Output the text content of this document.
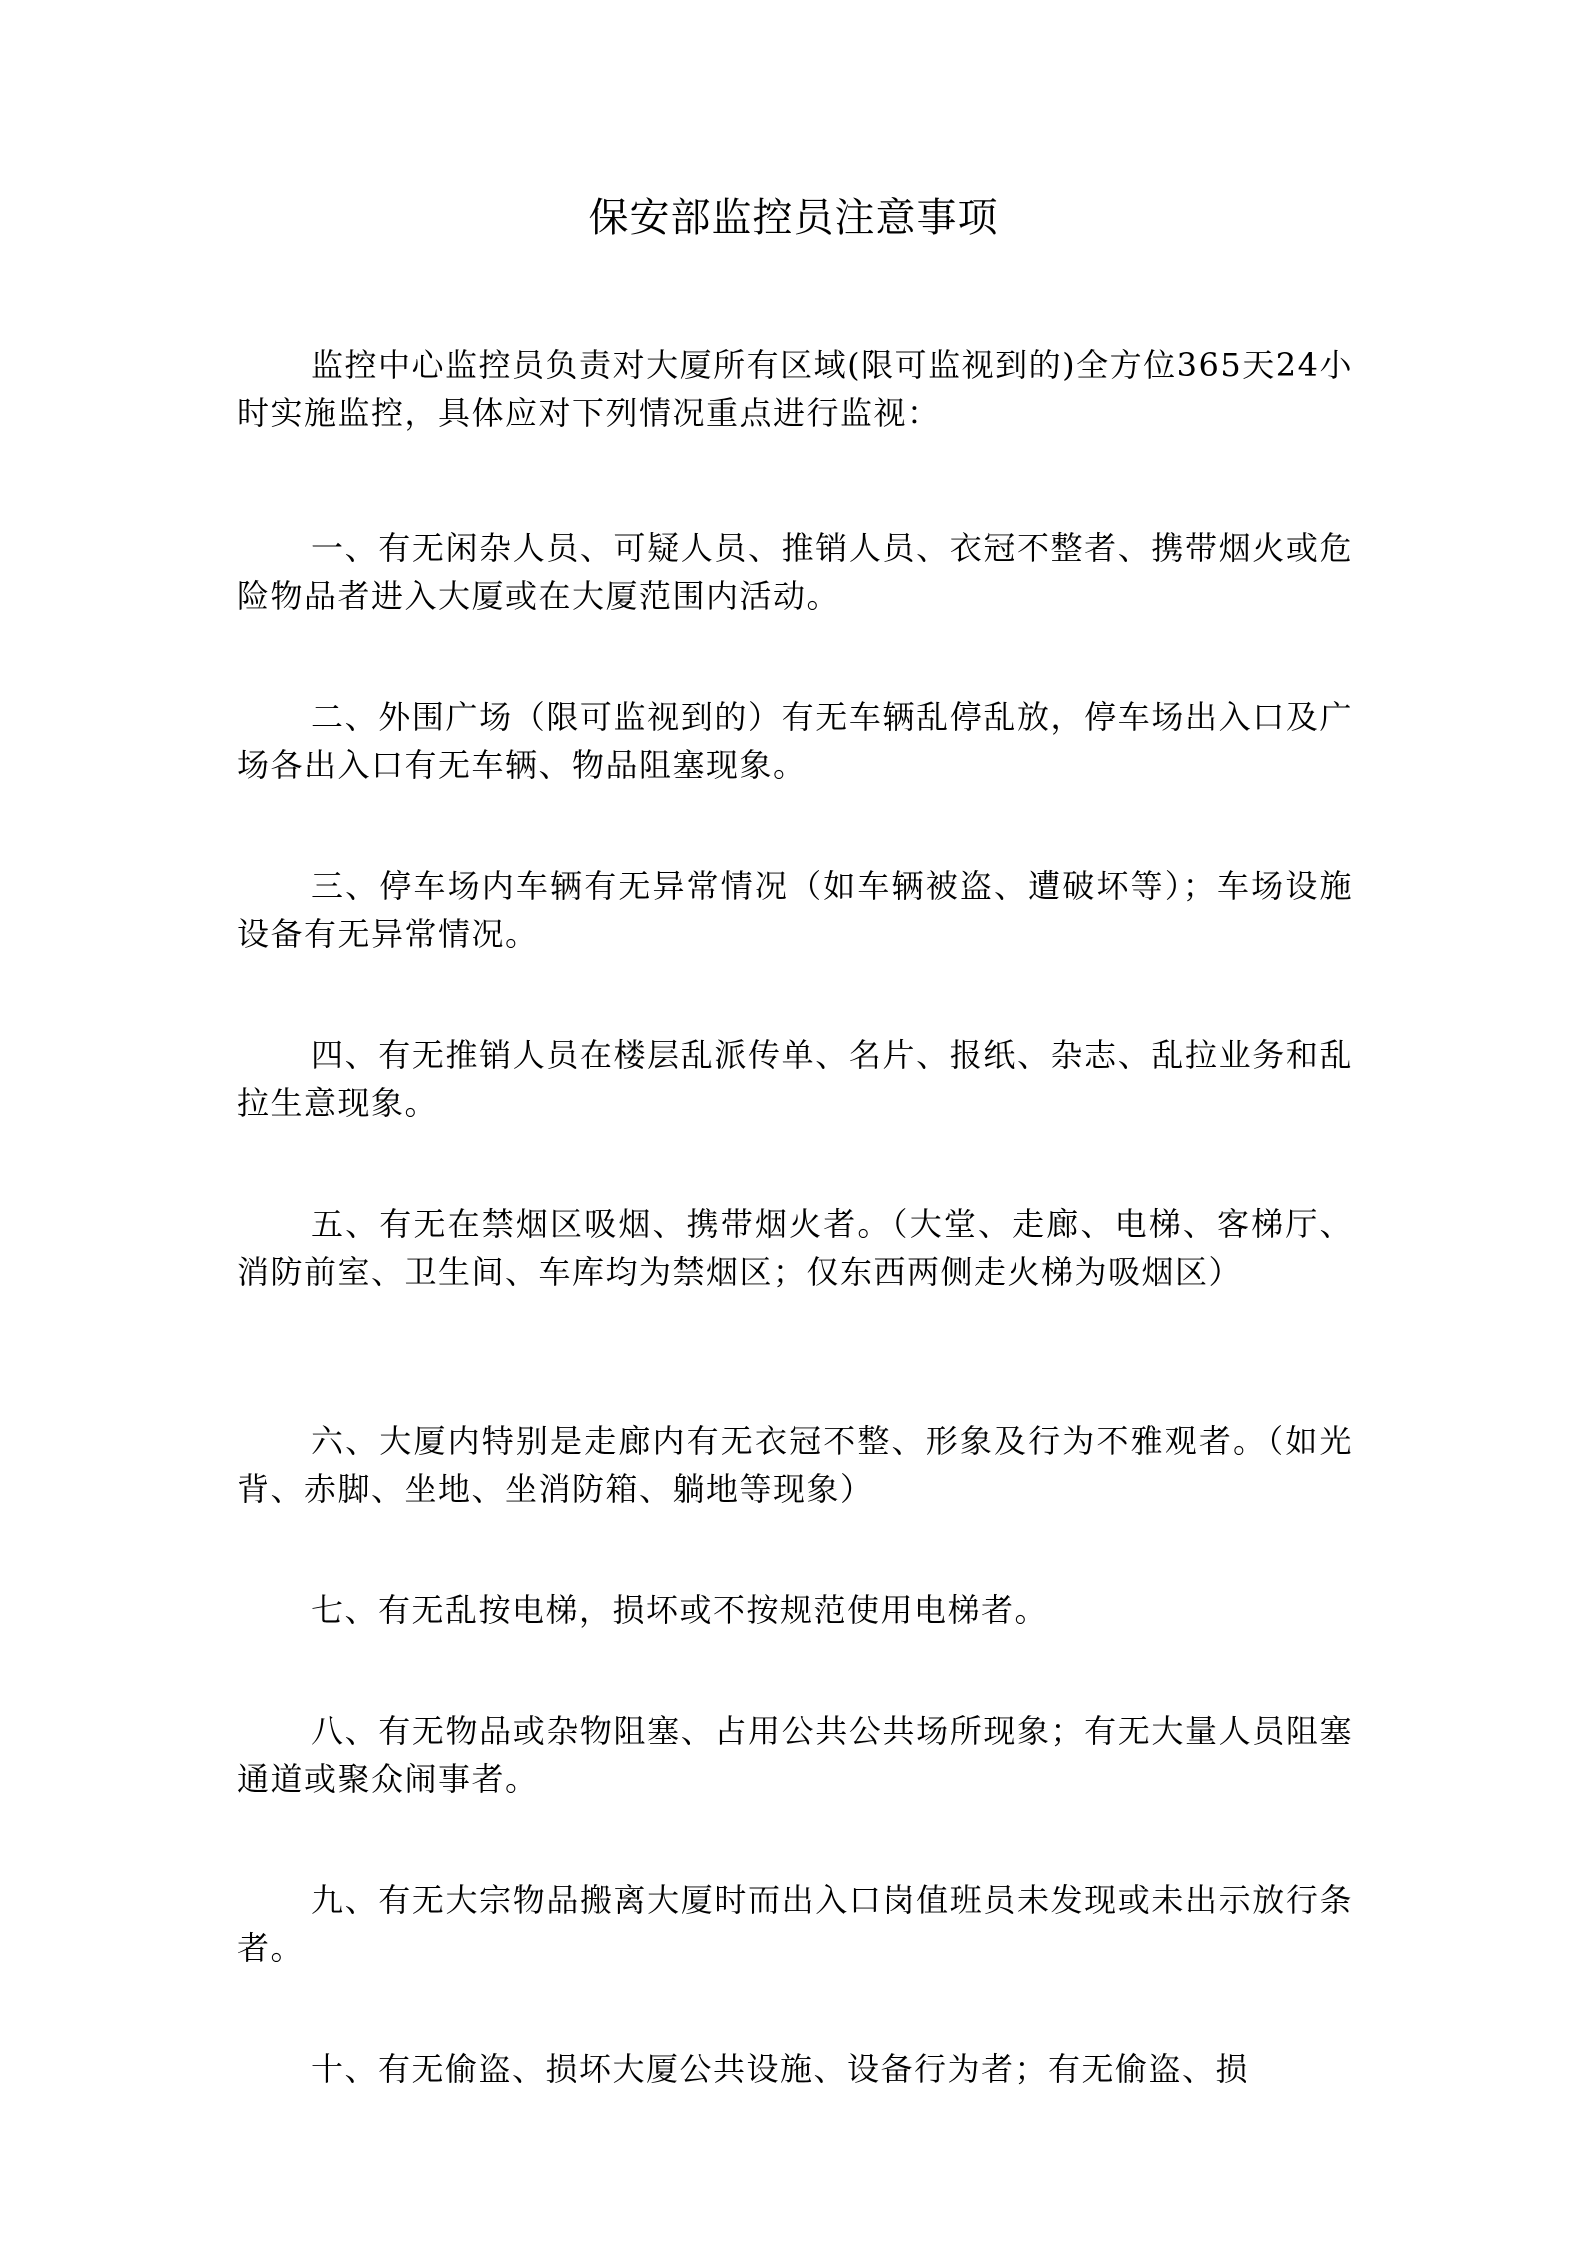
保安部监控员注意事项

监控中心监控员负责对大厦所有区域(限可监视到的)全方位365天24小时实施监控，具体应对下列情况重点进行监视：

一、有无闲杂人员、可疑人员、推销人员、衣冠不整者、携带烟火或危险物品者进入大厦或在大厦范围内活动。

二、外围广场（限可监视到的）有无车辆乱停乱放，停车场出入口及广场各出入口有无车辆、物品阻塞现象。

三、停车场内车辆有无异常情况（如车辆被盗、遭破坏等）；车场设施设备有无异常情况。

四、有无推销人员在楼层乱派传单、名片、报纸、杂志、乱拉业务和乱拉生意现象。

五、有无在禁烟区吸烟、携带烟火者。（大堂、走廊、电梯、客梯厅、消防前室、卫生间、车库均为禁烟区；仅东西两侧走火梯为吸烟区）

六、大厦内特别是走廊内有无衣冠不整、形象及行为不雅观者。（如光背、赤脚、坐地、坐消防箱、躺地等现象）

七、有无乱按电梯，损坏或不按规范使用电梯者。

八、有无物品或杂物阻塞、占用公共公共场所现象；有无大量人员阻塞通道或聚众闹事者。

九、有无大宗物品搬离大厦时而出入口岗值班员未发现或未出示放行条者。

十、有无偷盗、损坏大厦公共设施、设备行为者；有无偷盗、损
